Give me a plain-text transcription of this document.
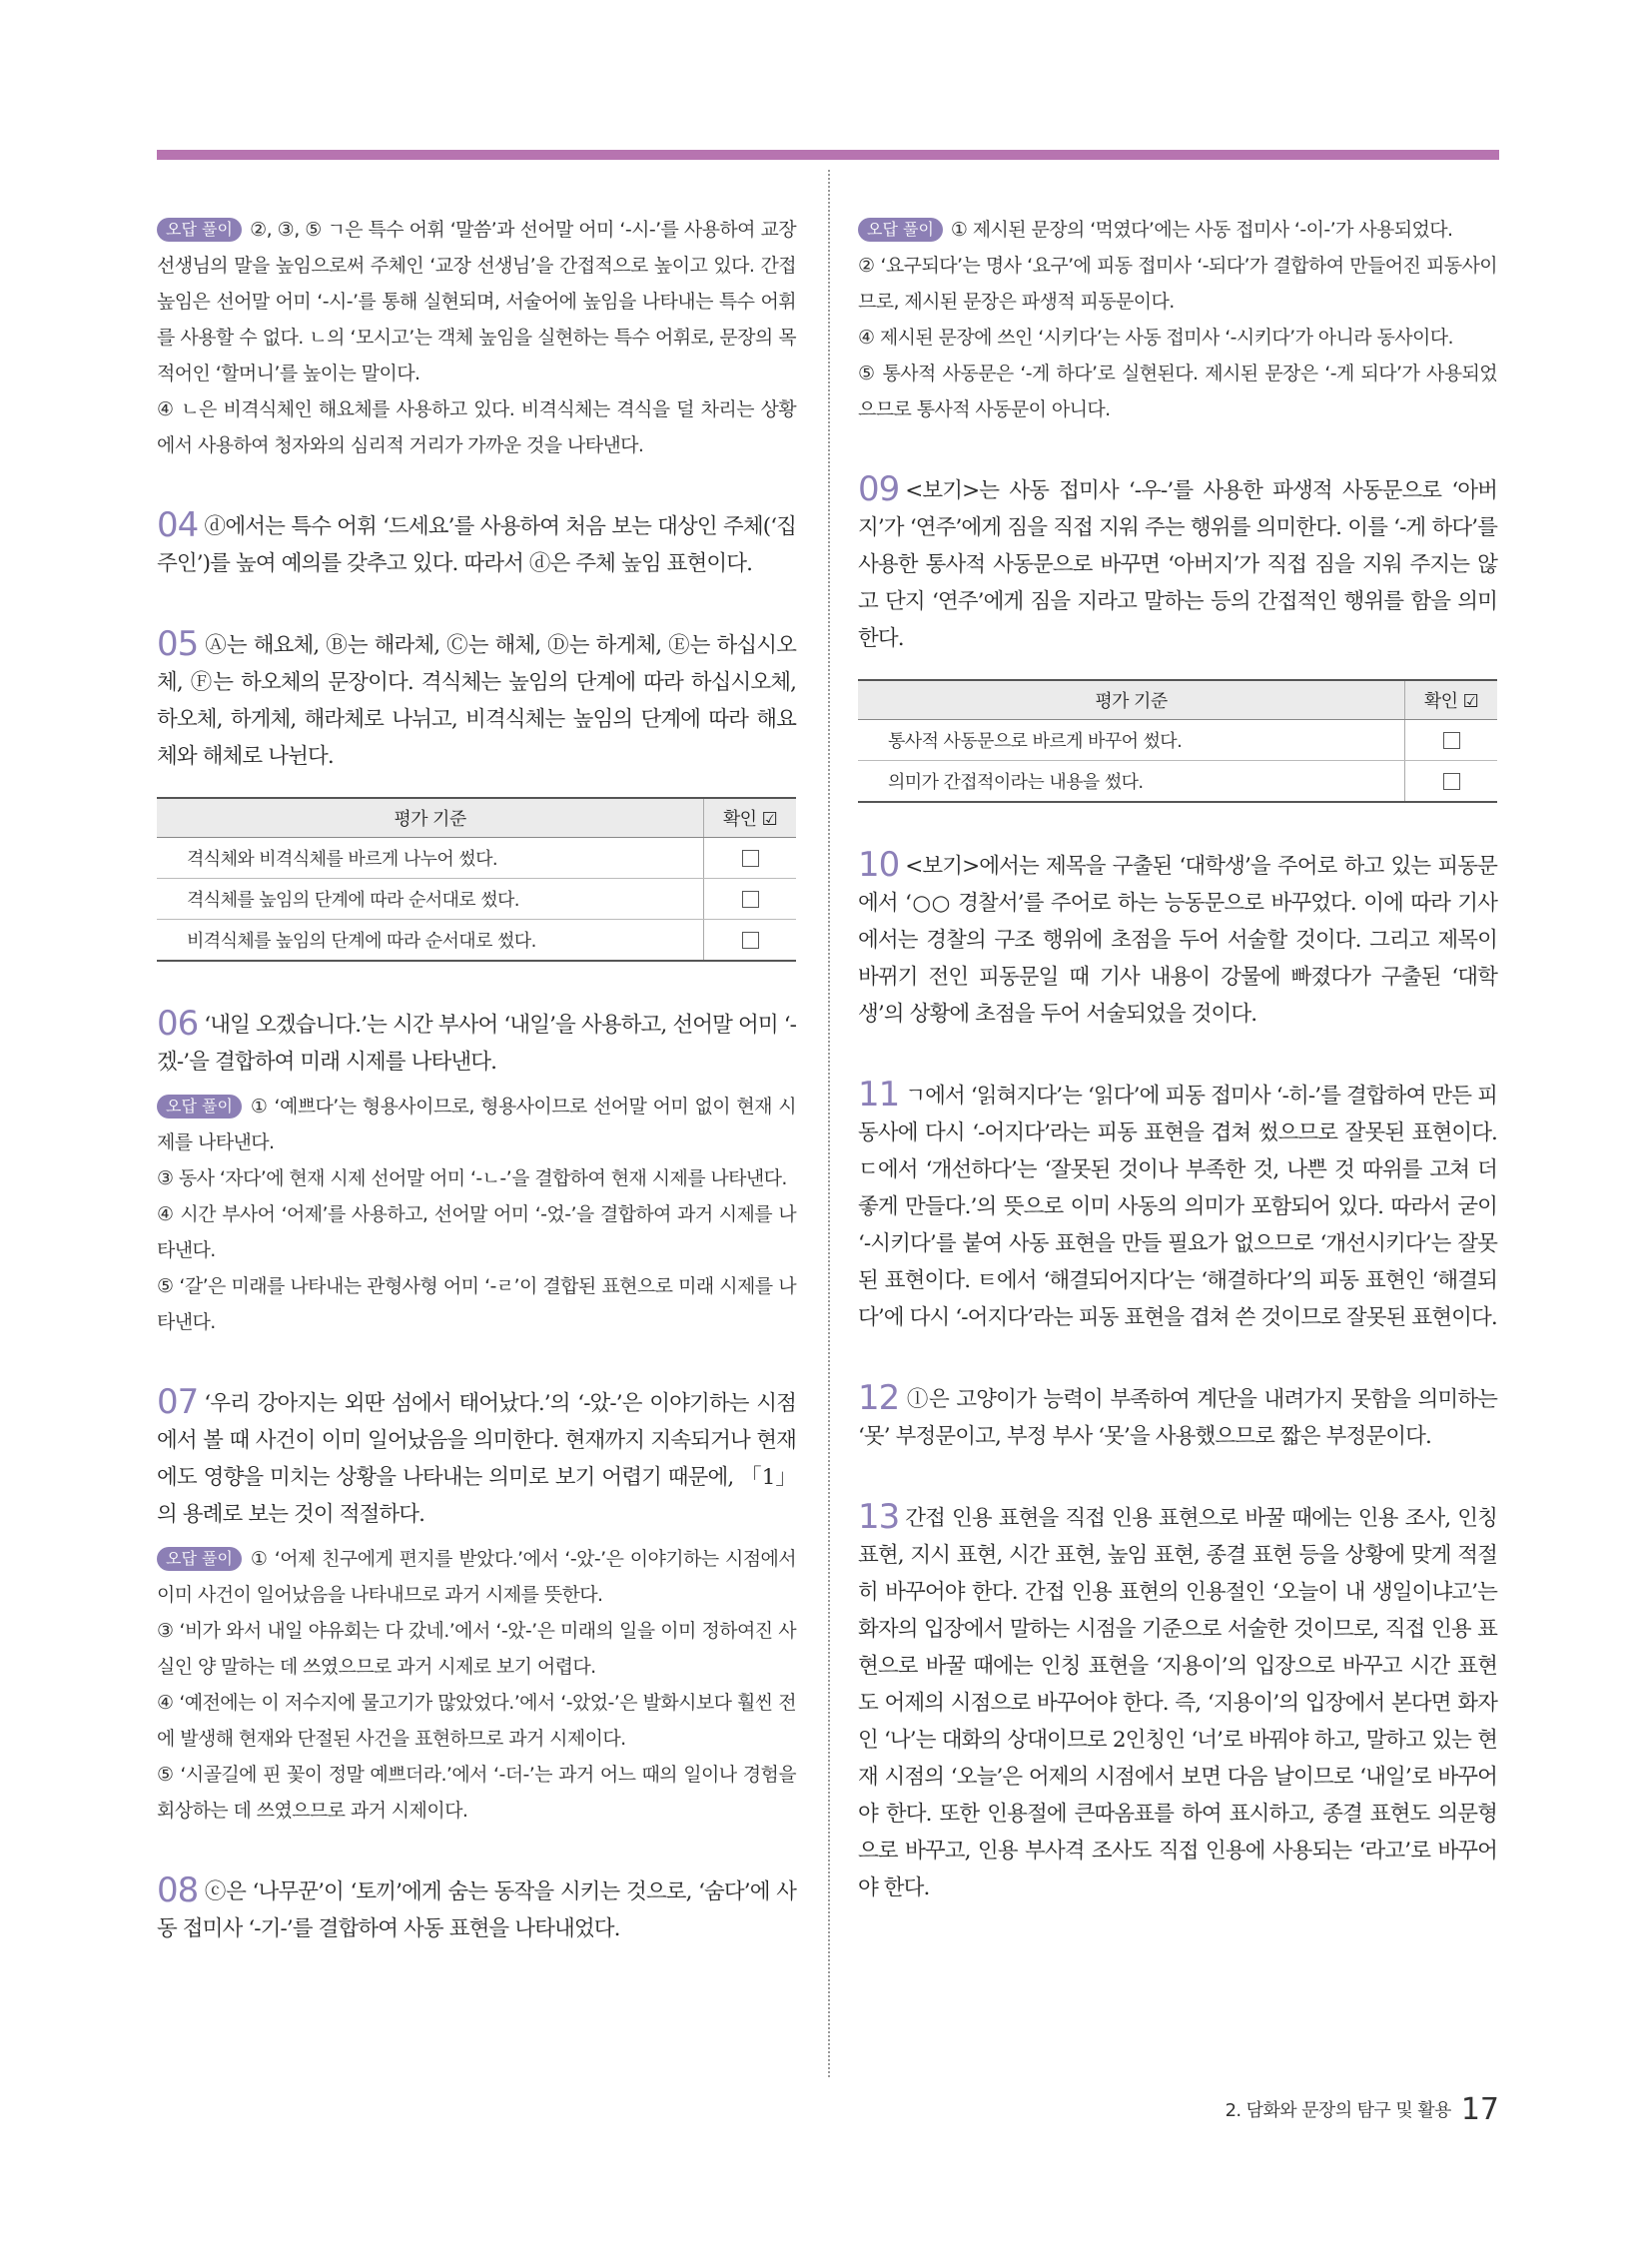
오답 풀이 ②, ③, ⑤ ㄱ은 특수 어휘 ‘말씀’과 선어말 어미 ‘-시-’를 사용하여 교장 선생님의 말을 높임으로써 주체인 ‘교장 선생님’을 간접적으로 높이고 있다. 간접 높임은 선어말 어미 ‘-시-’를 통해 실현되며, 서술어에 높임을 나타내는 특수 어휘를 사용할 수 없다. ㄴ의 ‘모시고’는 객체 높임을 실현하는 특수 어휘로, 문장의 목적어인 ‘할머니’를 높이는 말이다.

④ ㄴ은 비격식체인 해요체를 사용하고 있다. 비격식체는 격식을 덜 차리는 상황에서 사용하여 청자와의 심리적 거리가 가까운 것을 나타낸다.

04 ⓓ에서는 특수 어휘 ‘드세요’를 사용하여 처음 보는 대상인 주체(‘집주인’)를 높여 예의를 갖추고 있다. 따라서 ⓓ은 주체 높임 표현이다.
05 Ⓐ는 해요체, Ⓑ는 해라체, Ⓒ는 해체, Ⓓ는 하게체, Ⓔ는 하십시오체, Ⓕ는 하오체의 문장이다. 격식체는 높임의 단계에 따라 하십시오체, 하오체, 하게체, 해라체로 나뉘고, 비격식체는 높임의 단계에 따라 해요체와 해체로 나뉜다.
평가 기준	확인 ☑
격식체와 비격식체를 바르게 나누어 썼다.	
격식체를 높임의 단계에 따라 순서대로 썼다.	
비격식체를 높임의 단계에 따라 순서대로 썼다.	
06 ‘내일 오겠습니다.’는 시간 부사어 ‘내일’을 사용하고, 선어말 어미 ‘-겠-’을 결합하여 미래 시제를 나타낸다.

오답 풀이 ① ‘예쁘다’는 형용사이므로, 형용사이므로 선어말 어미 없이 현재 시제를 나타낸다.

③ 동사 ‘자다’에 현재 시제 선어말 어미 ‘-ㄴ-’을 결합하여 현재 시제를 나타낸다.

④ 시간 부사어 ‘어제’를 사용하고, 선어말 어미 ‘-었-’을 결합하여 과거 시제를 나타낸다.

⑤ ‘갈’은 미래를 나타내는 관형사형 어미 ‘-ㄹ’이 결합된 표현으로 미래 시제를 나타낸다.

07 ‘우리 강아지는 외딴 섬에서 태어났다.’의 ‘-았-’은 이야기하는 시점에서 볼 때 사건이 이미 일어났음을 의미한다. 현재까지 지속되거나 현재에도 영향을 미치는 상황을 나타내는 의미로 보기 어렵기 때문에, 「1」의 용례로 보는 것이 적절하다.

오답 풀이 ① ‘어제 친구에게 편지를 받았다.’에서 ‘-았-’은 이야기하는 시점에서 이미 사건이 일어났음을 나타내므로 과거 시제를 뜻한다.

③ ‘비가 와서 내일 야유회는 다 갔네.’에서 ‘-았-’은 미래의 일을 이미 정하여진 사실인 양 말하는 데 쓰였으므로 과거 시제로 보기 어렵다.

④ ‘예전에는 이 저수지에 물고기가 많았었다.’에서 ‘-았었-’은 발화시보다 훨씬 전에 발생해 현재와 단절된 사건을 표현하므로 과거 시제이다.

⑤ ‘시골길에 핀 꽃이 정말 예쁘더라.’에서 ‘-더-’는 과거 어느 때의 일이나 경험을 회상하는 데 쓰였으므로 과거 시제이다.

08 ⓒ은 ‘나무꾼’이 ‘토끼’에게 숨는 동작을 시키는 것으로, ‘숨다’에 사동 접미사 ‘-기-’를 결합하여 사동 표현을 나타내었다.

오답 풀이 ① 제시된 문장의 ‘먹였다’에는 사동 접미사 ‘-이-’가 사용되었다.

② ‘요구되다’는 명사 ‘요구’에 피동 접미사 ‘-되다’가 결합하여 만들어진 피동사이므로, 제시된 문장은 파생적 피동문이다.

④ 제시된 문장에 쓰인 ‘시키다’는 사동 접미사 ‘-시키다’가 아니라 동사이다.

⑤ 통사적 사동문은 ‘-게 하다’로 실현된다. 제시된 문장은 ‘-게 되다’가 사용되었으므로 통사적 사동문이 아니다.

09 <보기>는 사동 접미사 ‘-우-’를 사용한 파생적 사동문으로 ‘아버지’가 ‘연주’에게 짐을 직접 지워 주는 행위를 의미한다. 이를 ‘-게 하다’를 사용한 통사적 사동문으로 바꾸면 ‘아버지’가 직접 짐을 지워 주지는 않고 단지 ‘연주’에게 짐을 지라고 말하는 등의 간접적인 행위를 함을 의미한다.
평가 기준	확인 ☑
통사적 사동문으로 바르게 바꾸어 썼다.	
의미가 간접적이라는 내용을 썼다.	
10 <보기>에서는 제목을 구출된 ‘대학생’을 주어로 하고 있는 피동문에서 ‘○○ 경찰서’를 주어로 하는 능동문으로 바꾸었다. 이에 따라 기사에서는 경찰의 구조 행위에 초점을 두어 서술할 것이다. 그리고 제목이 바뀌기 전인 피동문일 때 기사 내용이 강물에 빠졌다가 구출된 ‘대학생’의 상황에 초점을 두어 서술되었을 것이다.
11 ㄱ에서 ‘읽혀지다’는 ‘읽다’에 피동 접미사 ‘-히-’를 결합하여 만든 피동사에 다시 ‘-어지다’라는 피동 표현을 겹쳐 썼으므로 잘못된 표현이다. ㄷ에서 ‘개선하다’는 ‘잘못된 것이나 부족한 것, 나쁜 것 따위를 고쳐 더 좋게 만들다.’의 뜻으로 이미 사동의 의미가 포함되어 있다. 따라서 굳이 ‘-시키다’를 붙여 사동 표현을 만들 필요가 없으므로 ‘개선시키다’는 잘못된 표현이다. ㅌ에서 ‘해결되어지다’는 ‘해결하다’의 피동 표현인 ‘해결되다’에 다시 ‘-어지다’라는 피동 표현을 겹쳐 쓴 것이므로 잘못된 표현이다.
12 ⓛ은 고양이가 능력이 부족하여 계단을 내려가지 못함을 의미하는 ‘못’ 부정문이고, 부정 부사 ‘못’을 사용했으므로 짧은 부정문이다.
13 간접 인용 표현을 직접 인용 표현으로 바꿀 때에는 인용 조사, 인칭 표현, 지시 표현, 시간 표현, 높임 표현, 종결 표현 등을 상황에 맞게 적절히 바꾸어야 한다. 간접 인용 표현의 인용절인 ‘오늘이 내 생일이냐고’는 화자의 입장에서 말하는 시점을 기준으로 서술한 것이므로, 직접 인용 표현으로 바꿀 때에는 인칭 표현을 ‘지용이’의 입장으로 바꾸고 시간 표현도 어제의 시점으로 바꾸어야 한다. 즉, ‘지용이’의 입장에서 본다면 화자인 ‘나’는 대화의 상대이므로 2인칭인 ‘너’로 바꿔야 하고, 말하고 있는 현재 시점의 ‘오늘’은 어제의 시점에서 보면 다음 날이므로 ‘내일’로 바꾸어야 한다. 또한 인용절에 큰따옴표를 하여 표시하고, 종결 표현도 의문형으로 바꾸고, 인용 부사격 조사도 직접 인용에 사용되는 ‘라고’로 바꾸어야 한다.
2. 담화와 문장의 탐구 및 활용 17
